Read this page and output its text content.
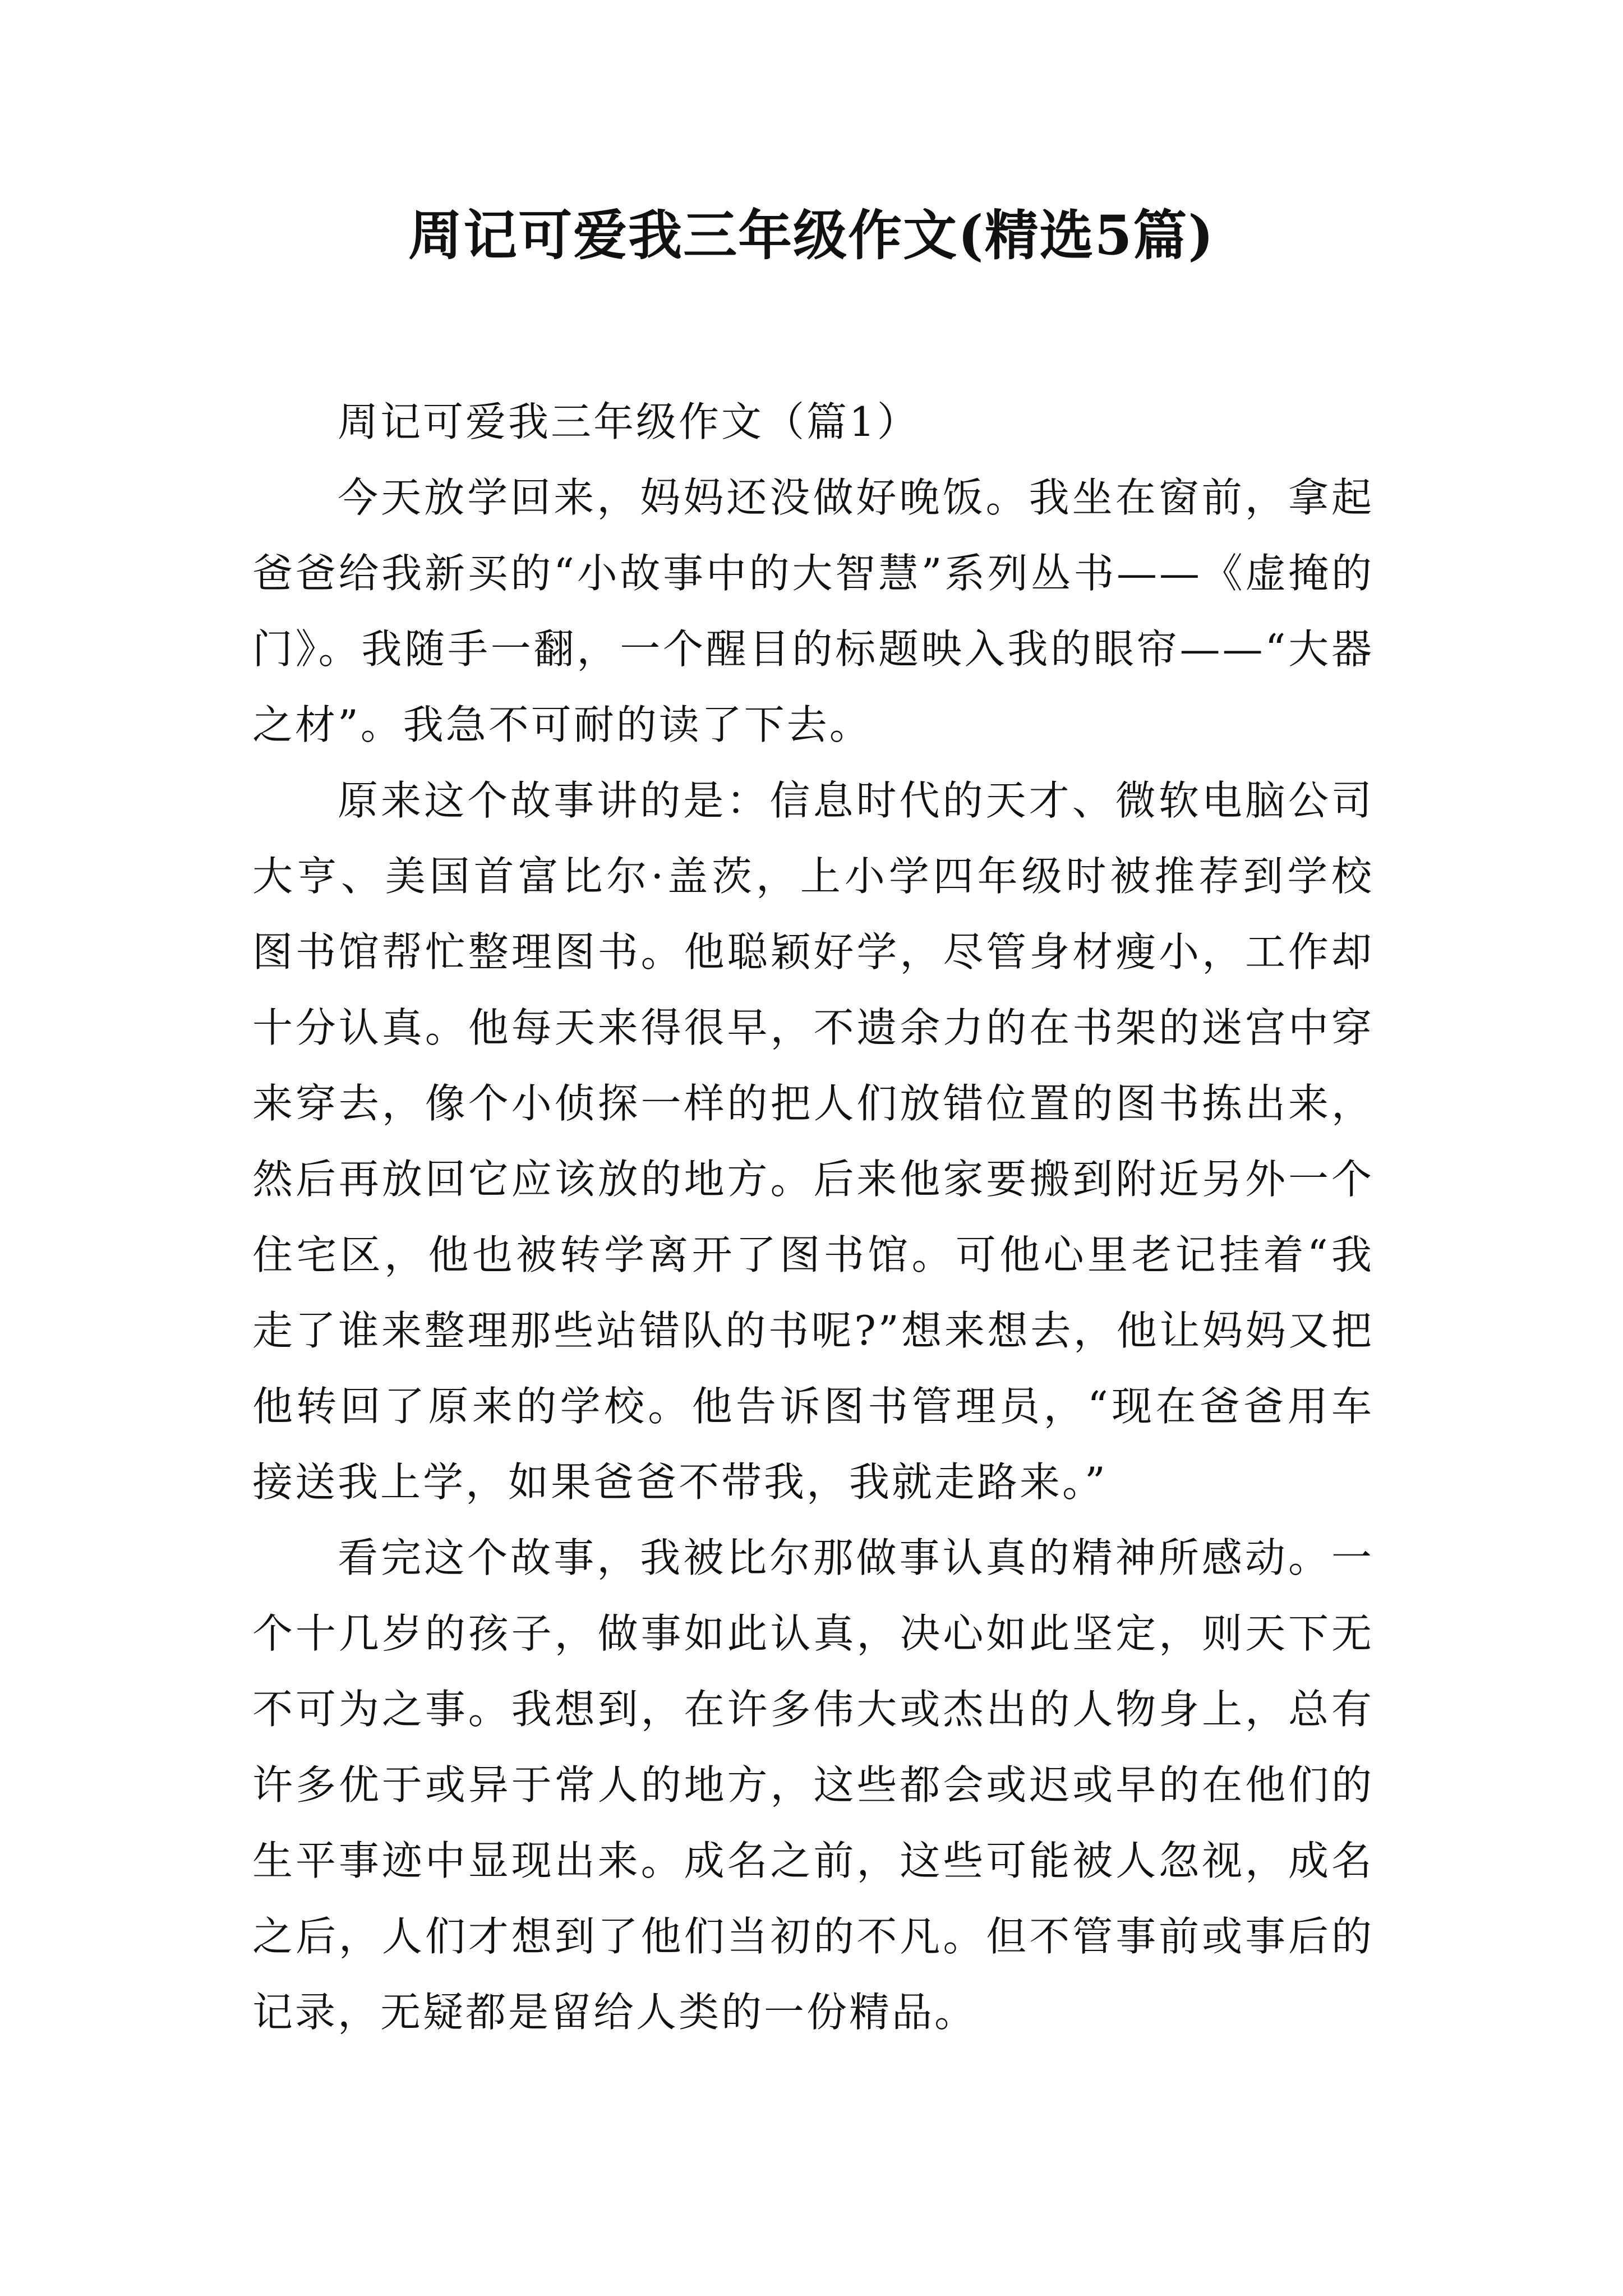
周记可爱我三年级作文(精选5篇)

周记可爱我三年级作文（篇1）

今天放学回来，妈妈还没做好晚饭。我坐在窗前，拿起爸爸给我新买的“小故事中的大智慧”系列丛书——《虚掩的门》。我随手一翻，一个醒目的标题映入我的眼帘——“大器之材”。我急不可耐的读了下去。

原来这个故事讲的是：信息时代的天才、微软电脑公司大亨、美国首富比尔·盖茨，上小学四年级时被推荐到学校图书馆帮忙整理图书。他聪颖好学，尽管身材瘦小，工作却十分认真。他每天来得很早，不遗余力的在书架的迷宫中穿来穿去，像个小侦探一样的把人们放错位置的图书拣出来，然后再放回它应该放的地方。后来他家要搬到附近另外一个住宅区，他也被转学离开了图书馆。可他心里老记挂着“我走了谁来整理那些站错队的书呢?”想来想去，他让妈妈又把他转回了原来的学校。他告诉图书管理员，“现在爸爸用车接送我上学，如果爸爸不带我，我就走路来。”

看完这个故事，我被比尔那做事认真的精神所感动。一个十几岁的孩子，做事如此认真，决心如此坚定，则天下无不可为之事。我想到，在许多伟大或杰出的人物身上，总有许多优于或异于常人的地方，这些都会或迟或早的在他们的生平事迹中显现出来。成名之前，这些可能被人忽视，成名之后，人们才想到了他们当初的不凡。但不管事前或事后的记录，无疑都是留给人类的一份精品。
